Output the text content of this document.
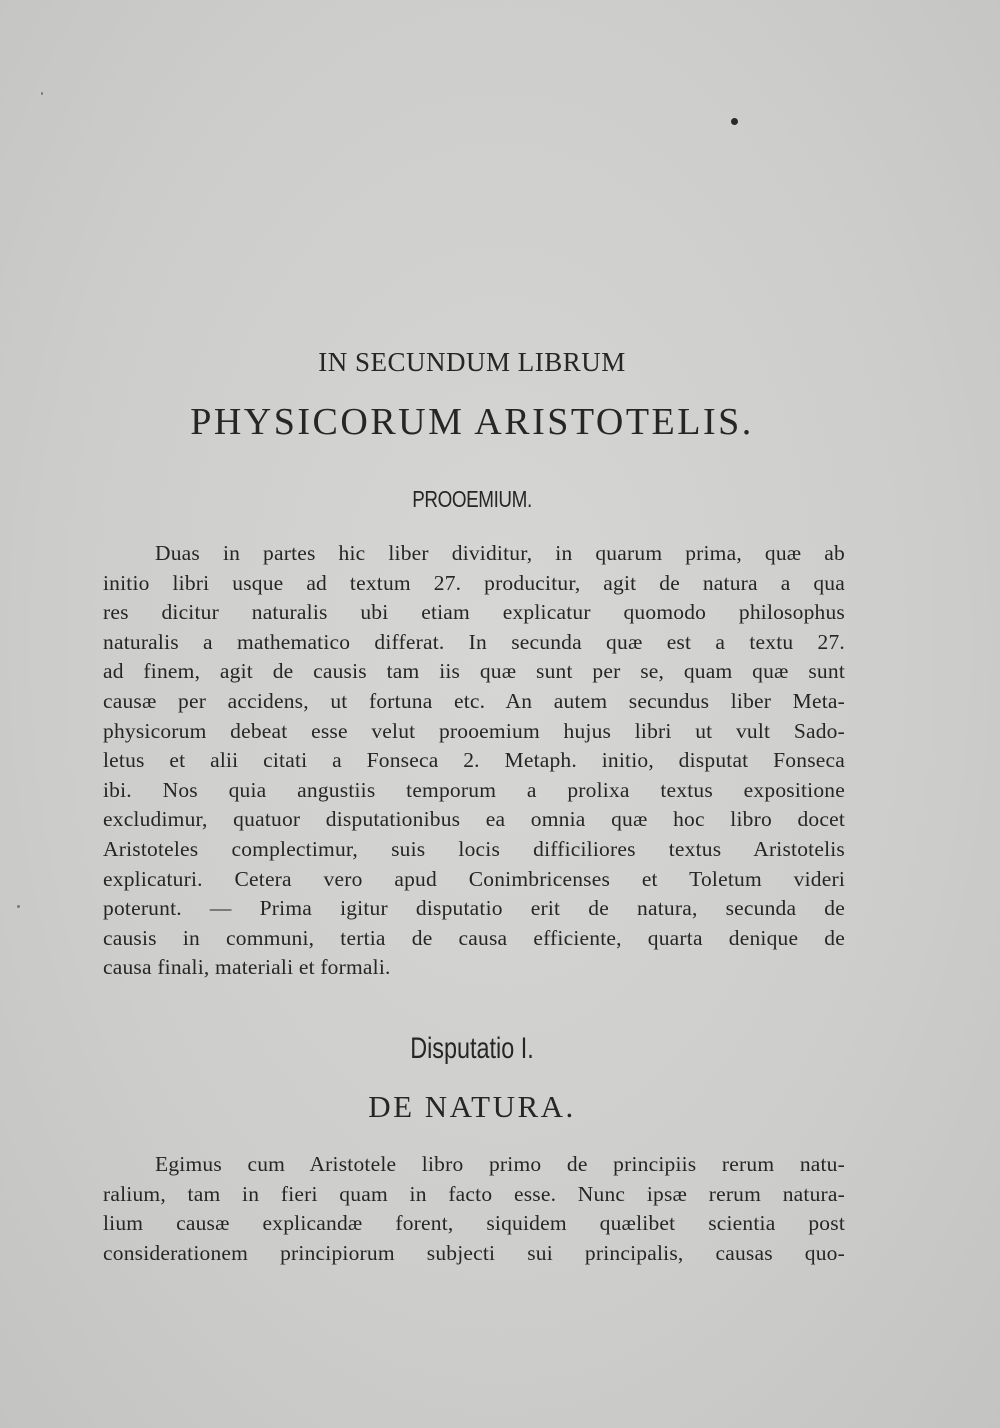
IN SECUNDUM LIBRUM
PHYSICORUM ARISTOTELIS.
PROOEMIUM.
Duas in partes hic liber dividitur, in quarum prima, quæ ab
initio libri usque ad textum 27. producitur, agit de natura a qua
res dicitur naturalis ubi etiam explicatur quomodo philosophus
naturalis a mathematico differat. In secunda quæ est a textu 27.
ad finem, agit de causis tam iis quæ sunt per se, quam quæ sunt
causæ per accidens, ut fortuna etc. An autem secundus liber Meta-
physicorum debeat esse velut prooemium hujus libri ut vult Sado-
letus et alii citati a Fonseca 2. Metaph. initio, disputat Fonseca
ibi. Nos quia angustiis temporum a prolixa textus expositione
excludimur, quatuor disputationibus ea omnia quæ hoc libro docet
Aristoteles complectimur, suis locis difficiliores textus Aristotelis
explicaturi. Cetera vero apud Conimbricenses et Toletum videri
poterunt. — Prima igitur disputatio erit de natura, secunda de
causis in communi, tertia de causa efficiente, quarta denique de
causa finali, materiali et formali.
Disputatio I.
DE NATURA.
Egimus cum Aristotele libro primo de principiis rerum natu-
ralium, tam in fieri quam in facto esse. Nunc ipsæ rerum natura-
lium causæ explicandæ forent, siquidem quælibet scientia post
considerationem principiorum subjecti sui principalis, causas quo-
